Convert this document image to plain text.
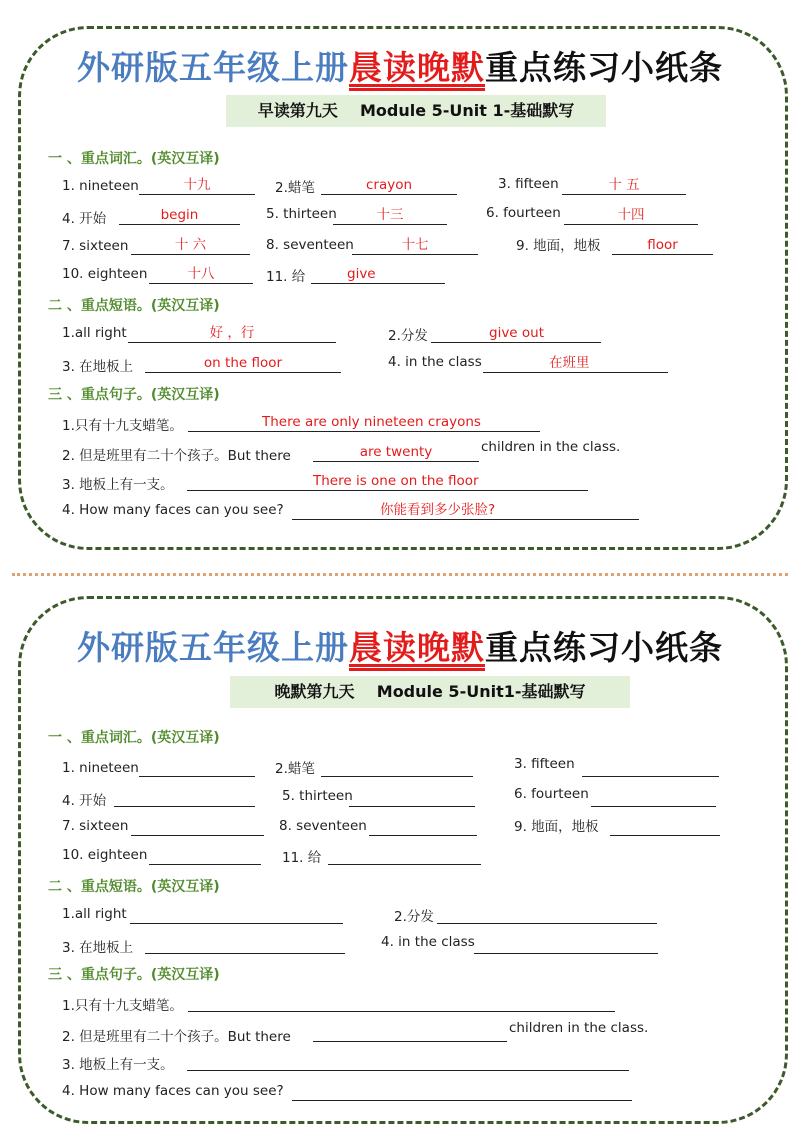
外研版五年级上册晨读晚默重点练习小纸条
早读第九天    Module 5-Unit 1-基础默写
一 、重点词汇。(英汉互译)
1. nineteen	十九	2.蜡笔	crayon	3. fifteen	十 五
4. 开始	begin	5. thirteen	十三	6. fourteen	十四
7. sixteen	十 六	8. seventeen	十七	9. 地面，地板	floor
10. eighteen	十八	11. 给	give
二 、重点短语。(英汉互译)
1.all right	好 ，行	2.分发	give out
3. 在地板上	on the floor	4. in the class	在班里
三 、重点句子。(英汉互译)
1.只有十九支蜡笔。	There are only nineteen crayons
2. 但是班里有二十个孩子。But there	are twenty	children in the class.
3. 地板上有一支。	There is one on the floor
4. How many faces can you see?	你能看到多少张脸?
外研版五年级上册晨读晚默重点练习小纸条
晚默第九天    Module 5-Unit1-基础默写
一 、重点词汇。(英汉互译)
1. nineteen	2.蜡笔	3. fifteen
4. 开始	5. thirteen	6. fourteen
7. sixteen	8. seventeen	9. 地面，地板
10. eighteen	11. 给
二 、重点短语。(英汉互译)
1.all right	2.分发
3. 在地板上	4. in the class
三 、重点句子。(英汉互译)
1.只有十九支蜡笔。
2. 但是班里有二十个孩子。But there
children in the class.
3. 地板上有一支。
4. How many faces can you see?
